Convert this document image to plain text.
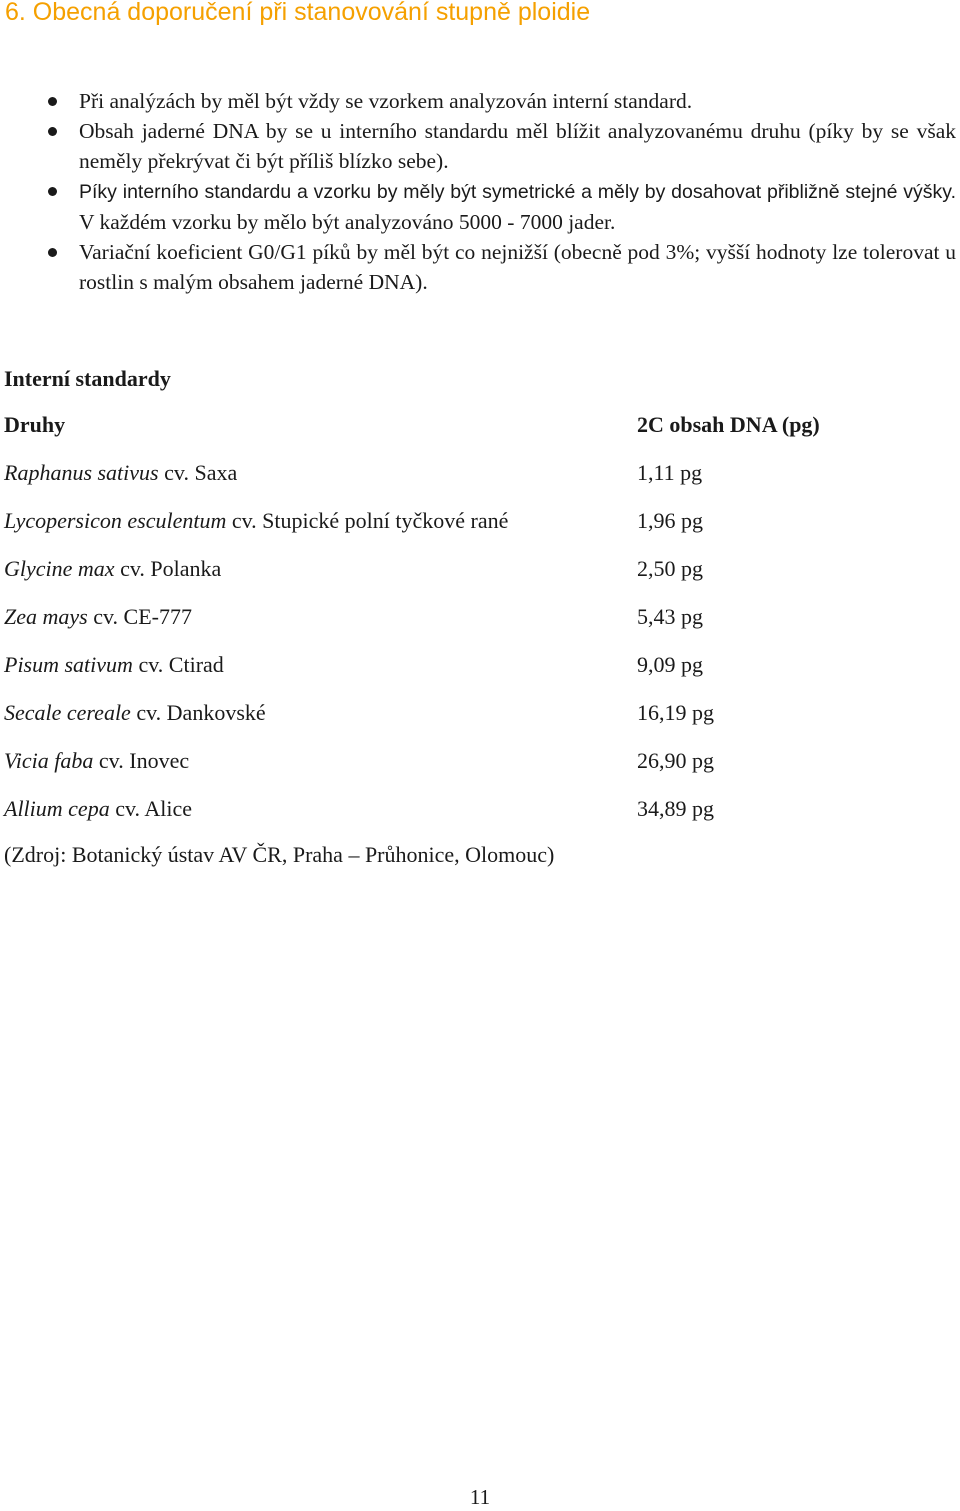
6. Obecná doporučení při stanovování stupně ploidie
Při analýzách by měl být vždy se vzorkem analyzován interní standard.
Obsah jaderné DNA by se u interního standardu měl blížit analyzovanému druhu (píky by se však neměly překrývat či být příliš blízko sebe).
Píky interního standardu a vzorku by měly být symetrické a měly by dosahovat přibližně stejné výšky. V každém vzorku by mělo být analyzováno 5000 - 7000 jader.
Variační koeficient G0/G1 píků by měl být co nejnižší (obecně pod 3%; vyšší hodnoty lze tolerovat u rostlin s malým obsahem jaderné DNA).
Interní standardy
Druhy	2C obsah DNA (pg)
Raphanus sativus cv. Saxa	1,11 pg
Lycopersicon esculentum cv. Stupické polní tyčkové rané	1,96 pg
Glycine max cv. Polanka	2,50 pg
Zea mays cv. CE-777	5,43 pg
Pisum sativum cv. Ctirad	9,09 pg
Secale cereale cv. Dankovské	16,19 pg
Vicia faba cv. Inovec	26,90 pg
Allium cepa cv. Alice	34,89 pg
(Zdroj: Botanický ústav AV ČR, Praha – Průhonice, Olomouc)
11
